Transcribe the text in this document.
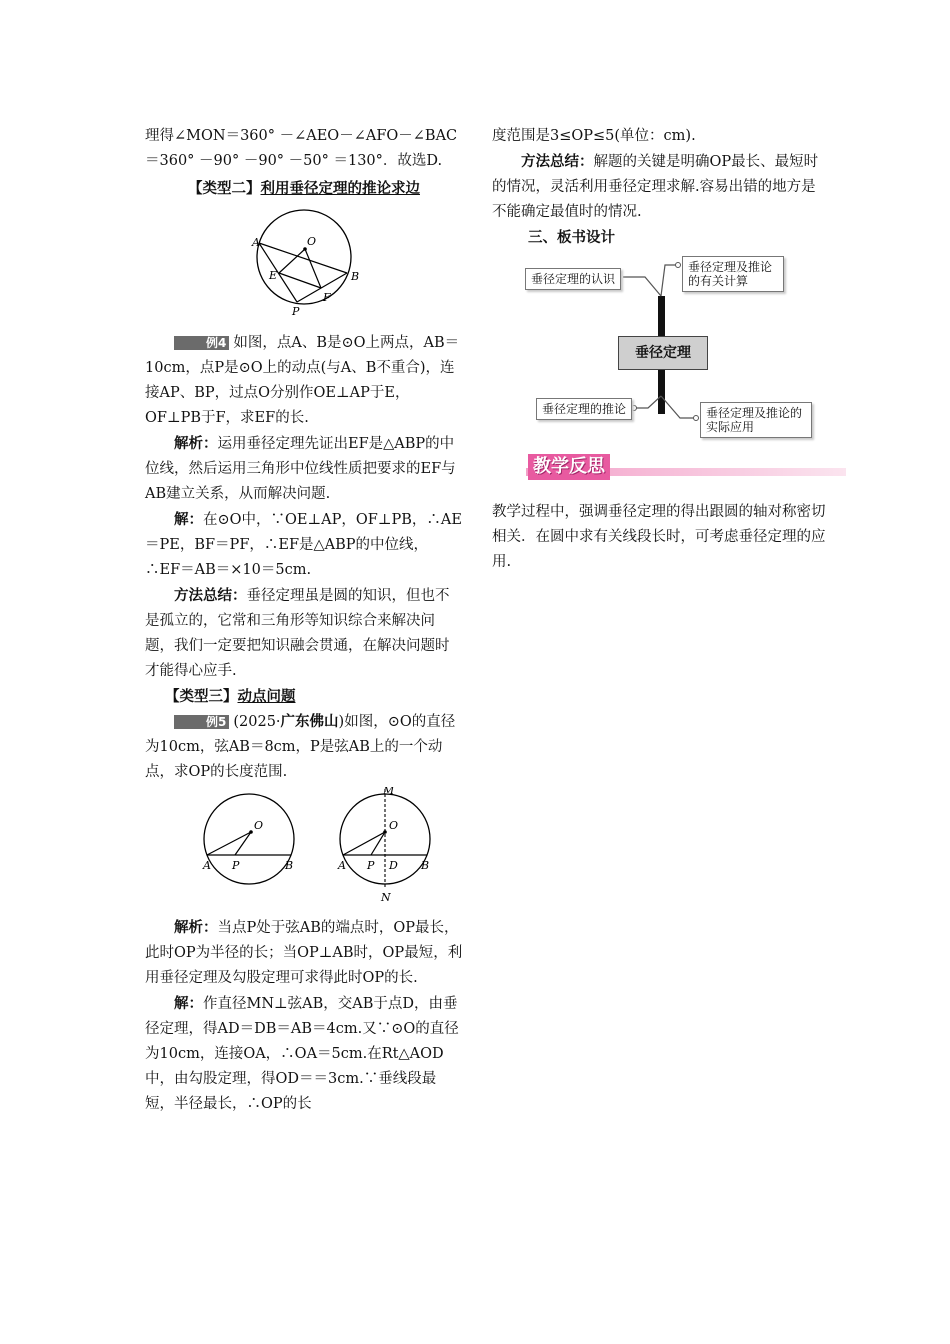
理得∠MON＝360° －∠AEO－∠AFO－∠BAC ＝360° －90° －90° －50° ＝130°．故选D.

【类型二】利用垂径定理的推论求边

A	O
E	B
P
F

例4 如图，点A、B是⊙O上两点，AB＝10cm，点P是⊙O上的动点(与A、B不重合)，连接AP、BP，过点O分别作OE⊥AP于E，OF⊥PB于F，求EF的长.

解析：运用垂径定理先证出EF是△ABP的中位线，然后运用三角形中位线性质把要求的EF与AB建立关系，从而解决问题.

解：在⊙O中，∵OE⊥AP，OF⊥PB，∴AE＝PE，BF＝PF，∴EF是△ABP的中位线，∴EF＝AB＝×10＝5cm.

方法总结：垂径定理虽是圆的知识，但也不是孤立的，它常和三角形等知识综合来解决问题，我们一定要把知识融会贯通，在解决问题时才能得心应手.

【类型三】动点问题

例5 (2025·广东佛山)如图，⊙O的直径为10cm，弦AB＝8cm，P是弦AB上的一个动点，求OP的长度范围.

O
A P	B
M
O
A P D B
N

解析：当点P处于弦AB的端点时，OP最长，此时OP为半径的长；当OP⊥AB时，OP最短，利用垂径定理及勾股定理可求得此时OP的长.

解：作直径MN⊥弦AB，交AB于点D，由垂径定理，得AD＝DB＝AB＝4cm.又∵⊙O的直径为10cm，连接OA，∴OA＝5cm.在Rt△AOD中，由勾股定理，得OD＝＝3cm.∵垂线段最短，半径最长，∴OP的长

度范围是3≤OP≤5(单位：cm).

方法总结：解题的关键是明确OP最长、最短时的情况，灵活利用垂径定理求解.容易出错的地方是不能确定最值时的情况.

三、板书设计

垂径定理的认识
垂径定理及推论的有关计算
垂径定理
垂径定理的推论	垂径定理及推论的实际应用
教学反思

教学过程中，强调垂径定理的得出跟圆的轴对称密切相关．在圆中求有关线段长时，可考虑垂径定理的应用.
